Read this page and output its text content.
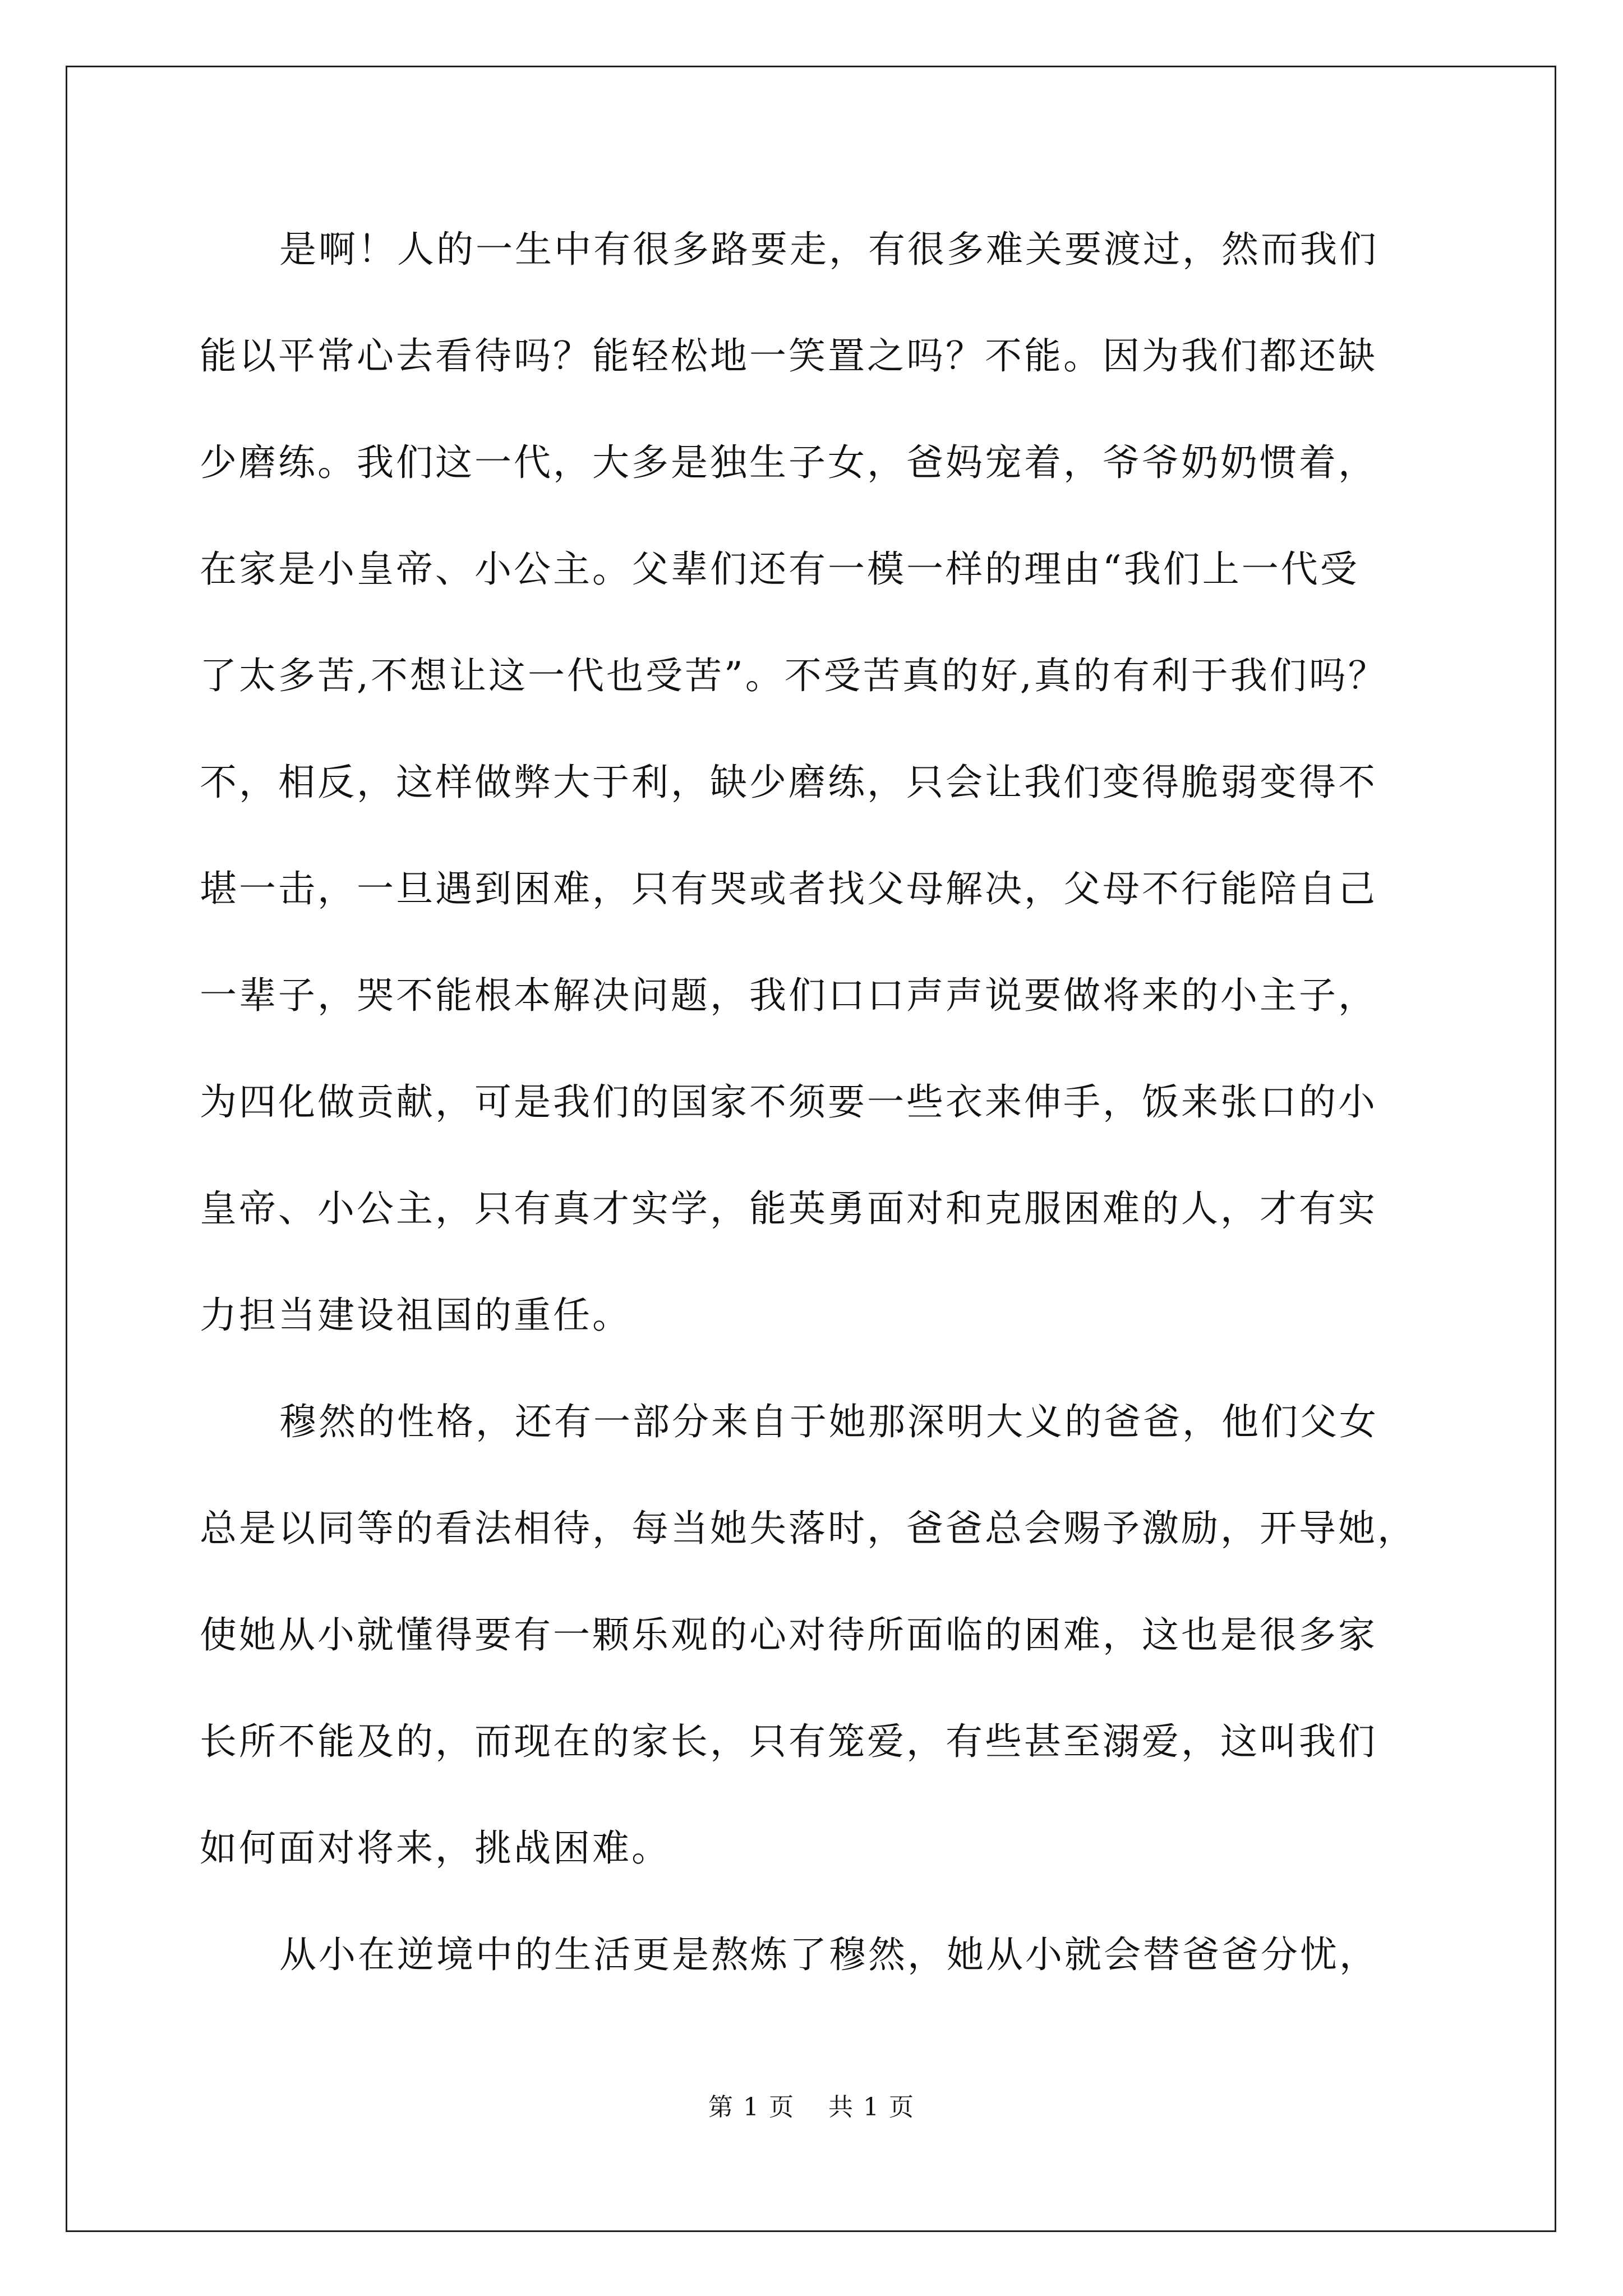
是啊！人的一生中有很多路要走，有很多难关要渡过，然而我们
能以平常心去看待吗？能轻松地一笑置之吗？不能。因为我们都还缺
少磨练。我们这一代，大多是独生子女，爸妈宠着，爷爷奶奶惯着，
在家是小皇帝、小公主。父辈们还有一模一样的理由“我们上一代受
了太多苦,不想让这一代也受苦”。不受苦真的好,真的有利于我们吗？
不，相反，这样做弊大于利，缺少磨练，只会让我们变得脆弱变得不
堪一击，一旦遇到困难，只有哭或者找父母解决，父母不行能陪自己
一辈子，哭不能根本解决问题，我们口口声声说要做将来的小主子，
为四化做贡献，可是我们的国家不须要一些衣来伸手，饭来张口的小
皇帝、小公主，只有真才实学，能英勇面对和克服困难的人，才有实
力担当建设祖国的重任。
穆然的性格，还有一部分来自于她那深明大义的爸爸，他们父女
总是以同等的看法相待，每当她失落时，爸爸总会赐予激励，开导她，
使她从小就懂得要有一颗乐观的心对待所面临的困难，这也是很多家
长所不能及的，而现在的家长，只有笼爱，有些甚至溺爱，这叫我们
如何面对将来，挑战困难。
从小在逆境中的生活更是熬炼了穆然，她从小就会替爸爸分忧，
第 1 页 共 1 页
